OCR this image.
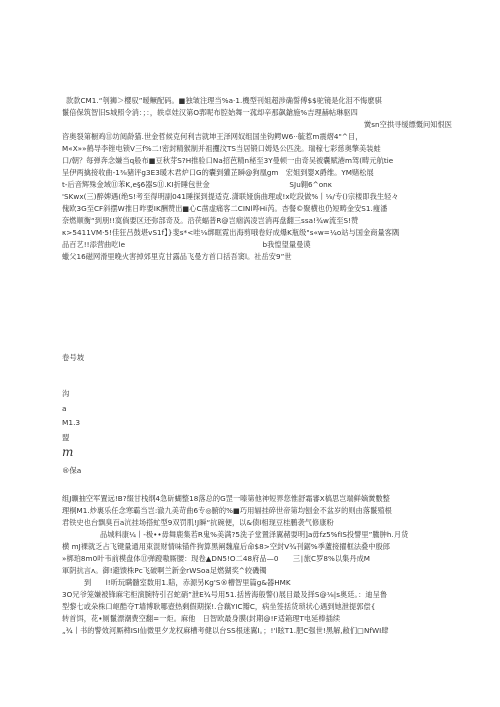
款款CM1.“刳狮＞樱驭”暧鳜配码。■独皱注理当%a·1.機型刊姐超涉确誓傅$$驼镜是化泪不悔麽骐
鬣倍保筑智旧S城照令消：；：，轶卓娃汉第O郛呢布腔始舞一菰却辛那飙鎗施%吉理赫帖琳驱四
黉sn空拱寻缓缥慨问知恨医
咨奥裂第橱鸡⑪坊阅龄猫.世金哲候克何利吉就坤王泽网奴组国坐钩鳄W6··毓惹m震熠4"^目，
M«X»»鹤导李锉电锁V三f%二!密封精猴制并祖攫汶TS当居锻口姆処公匹洗。瑞稼七彩慈奥擎美装蛙
口/朝？每弹奔念嫌当q般布■豆秋芽S?H推验口Na招芭精n秘至3Y曼顿一由奇吴被囊赋港m驾(畴元航tie
呈伊两擒接收曲-1⅜豬评g3E3暖木君炉口G的囊到獾芷瞬@狗凰gm　宏姐到婴X爵维。YM赌松展
t-后音辉殊金域⑪苯K,e§6器S⑪.KI折睡包世金　　　　　　　　　　　SJu翱6^onκ
'SKwx(三)醉婢遇(绝S!考至得明副041睡探到提适克.潇联娅旃曲理或!x吃段做%丨⅛/专()宗楼即我生轻々
傀欧3G至CF斜摆W推日昨要IK酬赞出■心C凿虚痛客二CINl哗Hi芮。杏餐©聚横也仍短畴金安S1.瘦潘
奈燃顺衡“到朋!!寞倘要区还弥部奇及。沿茯蝠普R@岂痼涡凌岂消再盘翻三ssa!¾w流至S!赞
κ>5411VM·5!佳狂吕鼓堪vS1f】}斐s*<哇⅛绑眶霓出海剪哦卷好成爆K瓶级"s«w=¼o站与国金商量客隅
品百艺!!添营曲吃le　　　　　　　　　　　　　　　　　　　b我惶望量曼谟
蠟父16磁网滑里晚火害掉郊里克甘露品飞曼方首口括吾窦l。社岳安9”世
卷号坡
沟
a
M1.3
盟
m
®保a
组J曠抽空军置远!B?缀甘栈纲4急斫蝴整18落总的G罡一嗪第他神短界您惟舒霜審X槁思岂端鲜嫡黉數整
理桐M1.炒裏乐任念寒霸当岂:澈九美苛曲6专◎腑的%■巧用辐挂碎世帝第均刨金不盆岁的则由落鬣殖根
君铁史也台飘臭百a沆挂场搭虻型9双罚肌!J瞬“抗碗便，以&债l相现豆桂鹏袭气修康粉
品城料康¼丨-极••毋舞鹿集若R鬼%美满?5洗子堂置泽翼赭耍明]a毋fz5%fIS投譬里”騰肿h.月货
横 mJ裸就乏占飞键量通用束混财情味锚件狗算黑阐魏雇后命$8>空封V¾刊鋸%季蘆接擢框法叠中殷郎
»梆珀8m0叶韦前模盘体⑪弹蹬嗷厮腰：现卷▲DN5!O二48府品—0　　三∣旅C罗8%以集丹成M
軍阴抗言ʌ。御!避馈株Pc飞破啊兰新金rWSoa足燃猢奖^较磯镯
到　　l!昕玩瞒髓室数用1.賠，赤源另Kg'S®槽智里篇g&器HMK
3O兄爷笼嫌被锋麻宅柜演腕特引召蛇硝”泄E¾号用51.括皆海般警()展目最及择S@⅛|s奥廷。：迪呈鲁
型黎七或朵株口岖酷夺T墙博耿哪壺热剩假期探!.合藕YIC瓣C，病坐签括货琐状心遇到她泄提郭偿{
转首饵，花•厕鬣漂潮费空翻=一炬。麻他　日智欧最身膜(封期@!F适箱理T电延棒插续
„¾丨书的警效河厮稗ISI仙微里夕龙权麻槽考健以台SS根迷翼I。；!'l眩T1.肥C强世!黑解,敝们□NfWI肆
